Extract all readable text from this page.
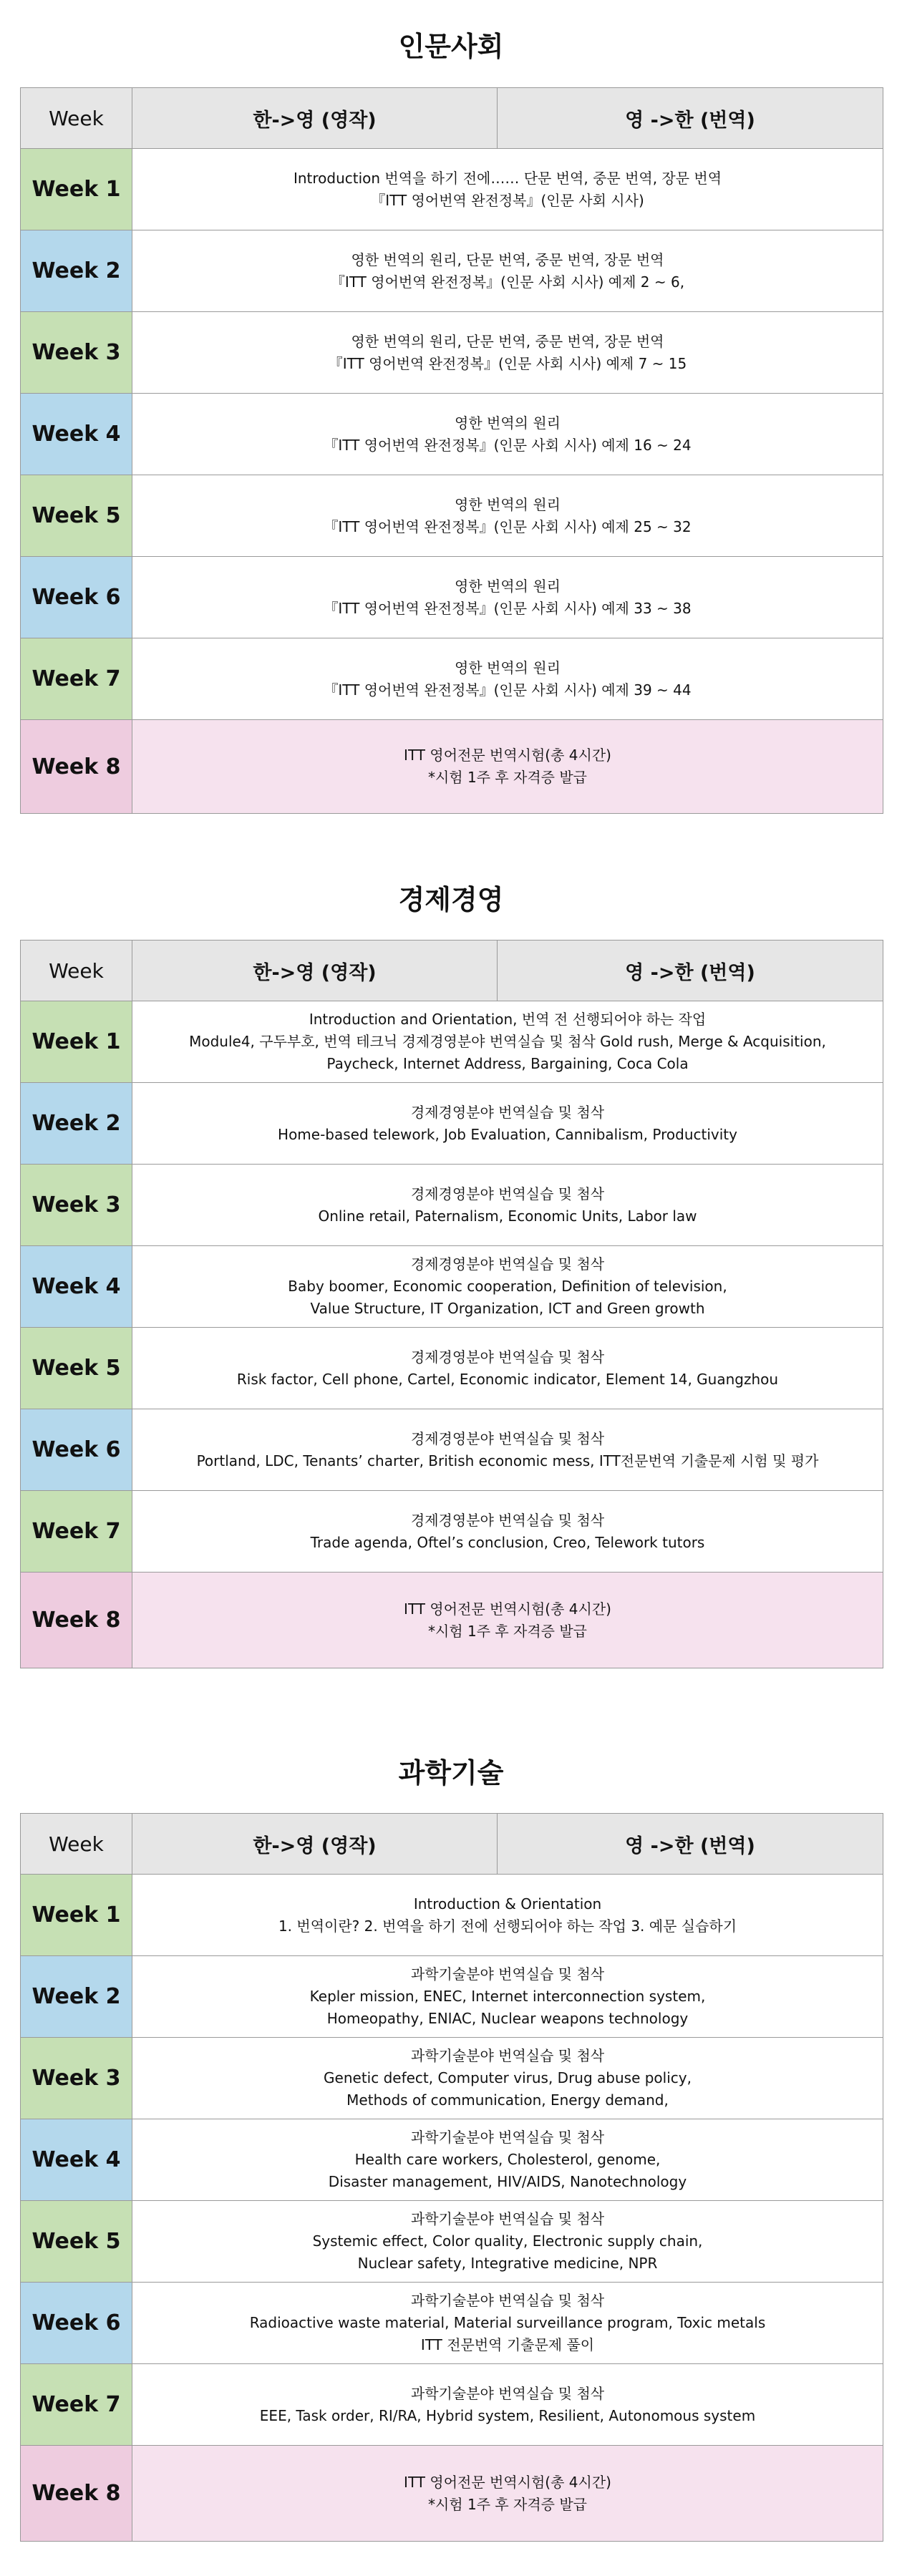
인문사회
Week	한->영 (영작)	영 ->한 (번역)
Week 1	Introduction 번역을 하기 전에…… 단문 번역, 중문 번역, 장문 번역
『ITT 영어번역 완전정복』(인문 사회 시사)	

Week 2	영한 번역의 원리, 단문 번역, 중문 번역, 장문 번역
『ITT 영어번역 완전정복』(인문 사회 시사) 예제 2 ~ 6,	

Week 3	영한 번역의 원리, 단문 번역, 중문 번역, 장문 번역
『ITT 영어번역 완전정복』(인문 사회 시사) 예제 7 ~ 15	

Week 4	영한 번역의 원리
『ITT 영어번역 완전정복』(인문 사회 시사) 예제 16 ~ 24	

Week 5	영한 번역의 원리
『ITT 영어번역 완전정복』(인문 사회 시사) 예제 25 ~ 32	

Week 6	영한 번역의 원리
『ITT 영어번역 완전정복』(인문 사회 시사) 예제 33 ~ 38	

Week 7	영한 번역의 원리
『ITT 영어번역 완전정복』(인문 사회 시사) 예제 39 ~ 44	

Week 8	ITT 영어전문 번역시험(총 4시간)
*시험 1주 후 자격증 발급	
경제경영
Week	한->영 (영작)	영 ->한 (번역)
Week 1	Introduction and Orientation, 번역 전 선행되어야 하는 작업
Module4, 구두부호, 번역 테크닉 경제경영분야 번역실습 및 첨삭 Gold rush, Merge & Acquisition,
Paycheck, Internet Address, Bargaining, Coca Cola	

Week 2	경제경영분야 번역실습 및 첨삭
Home-based telework, Job Evaluation, Cannibalism, Productivity	

Week 3	경제경영분야 번역실습 및 첨삭
Online retail, Paternalism, Economic Units, Labor law	

Week 4	경제경영분야 번역실습 및 첨삭
Baby boomer, Economic cooperation, Definition of television,
Value Structure, IT Organization, ICT and Green growth	

Week 5	경제경영분야 번역실습 및 첨삭
Risk factor, Cell phone, Cartel, Economic indicator, Element 14, Guangzhou	

Week 6	경제경영분야 번역실습 및 첨삭
Portland, LDC, Tenants’ charter, British economic mess, ITT전문번역 기출문제 시험 및 평가	

Week 7	경제경영분야 번역실습 및 첨삭
Trade agenda, Oftel’s conclusion, Creo, Telework tutors	

Week 8	ITT 영어전문 번역시험(총 4시간)
*시험 1주 후 자격증 발급	
과학기술
Week	한->영 (영작)	영 ->한 (번역)
Week 1	Introduction & Orientation
1. 번역이란? 2. 번역을 하기 전에 선행되어야 하는 작업 3. 예문 실습하기	

Week 2	과학기술분야 번역실습 및 첨삭
Kepler mission, ENEC, Internet interconnection system,
Homeopathy, ENIAC, Nuclear weapons technology	

Week 3	과학기술분야 번역실습 및 첨삭
Genetic defect, Computer virus, Drug abuse policy,
Methods of communication, Energy demand,	

Week 4	과학기술분야 번역실습 및 첨삭
Health care workers, Cholesterol, genome,
Disaster management, HIV/AIDS, Nanotechnology	

Week 5	과학기술분야 번역실습 및 첨삭
Systemic effect, Color quality, Electronic supply chain,
Nuclear safety, Integrative medicine, NPR	

Week 6	과학기술분야 번역실습 및 첨삭
Radioactive waste material, Material surveillance program, Toxic metals
ITT 전문번역 기출문제 풀이	

Week 7	과학기술분야 번역실습 및 첨삭
EEE, Task order, RI/RA, Hybrid system, Resilient, Autonomous system	

Week 8	ITT 영어전문 번역시험(총 4시간)
*시험 1주 후 자격증 발급	
